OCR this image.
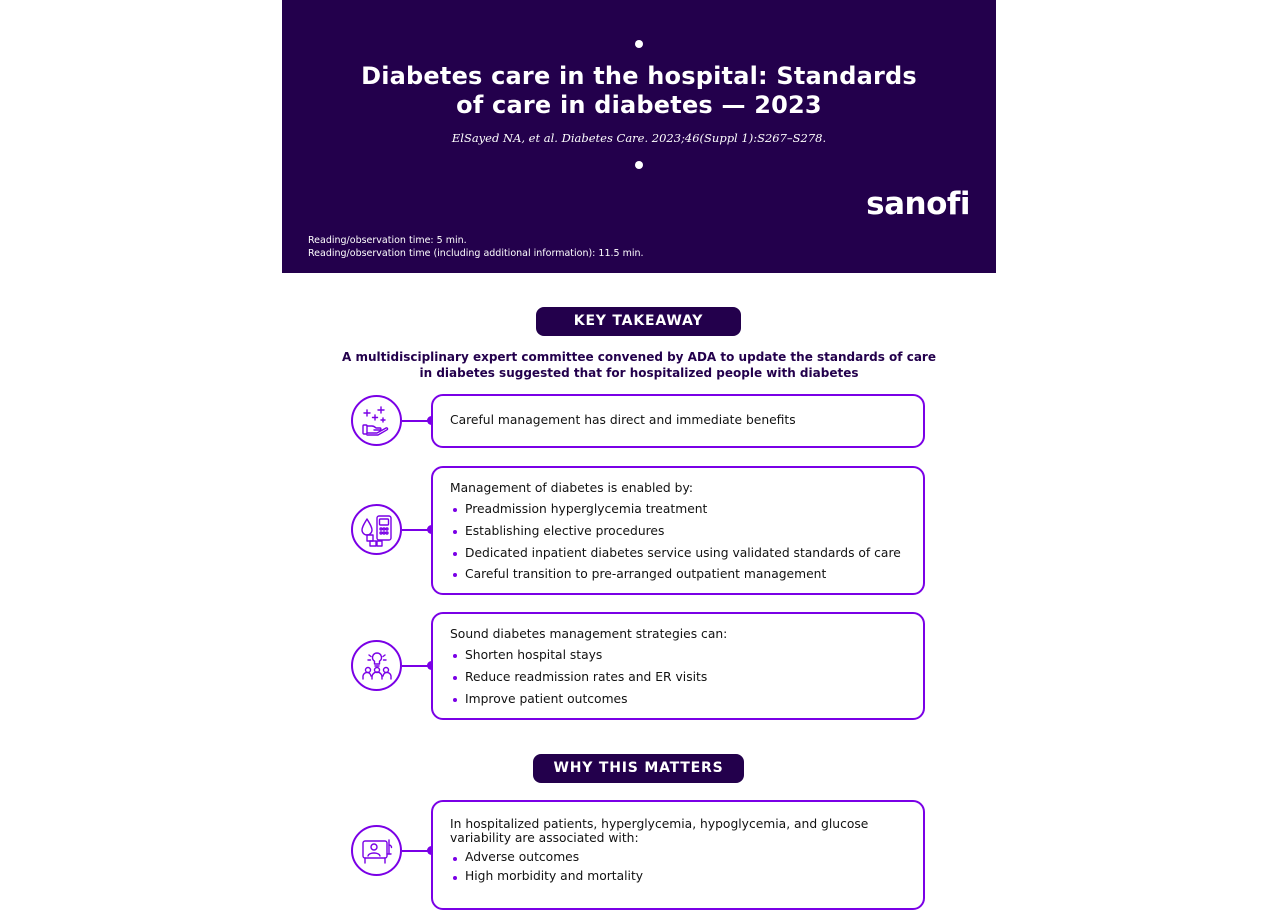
Diabetes care in the hospital: Standards
of care in diabetes — 2023
ElSayed NA, et al. Diabetes Care. 2023;46(Suppl 1):S267–S278.
sanofi
Reading/observation time: 5 min.
Reading/observation time (including additional information): 11.5 min.
KEY TAKEAWAY
A multidisciplinary expert committee convened by ADA to update the standards of care in diabetes suggested that for hospitalized people with diabetes
Careful management has direct and immediate benefits
Management of diabetes is enabled by:
Preadmission hyperglycemia treatment
Establishing elective procedures
Dedicated inpatient diabetes service using validated standards of care
Careful transition to pre-arranged outpatient management
Sound diabetes management strategies can:
Shorten hospital stays
Reduce readmission rates and ER visits
Improve patient outcomes
WHY THIS MATTERS
In hospitalized patients, hyperglycemia, hypoglycemia, and glucose variability are associated with:
Adverse outcomes
High morbidity and mortality
